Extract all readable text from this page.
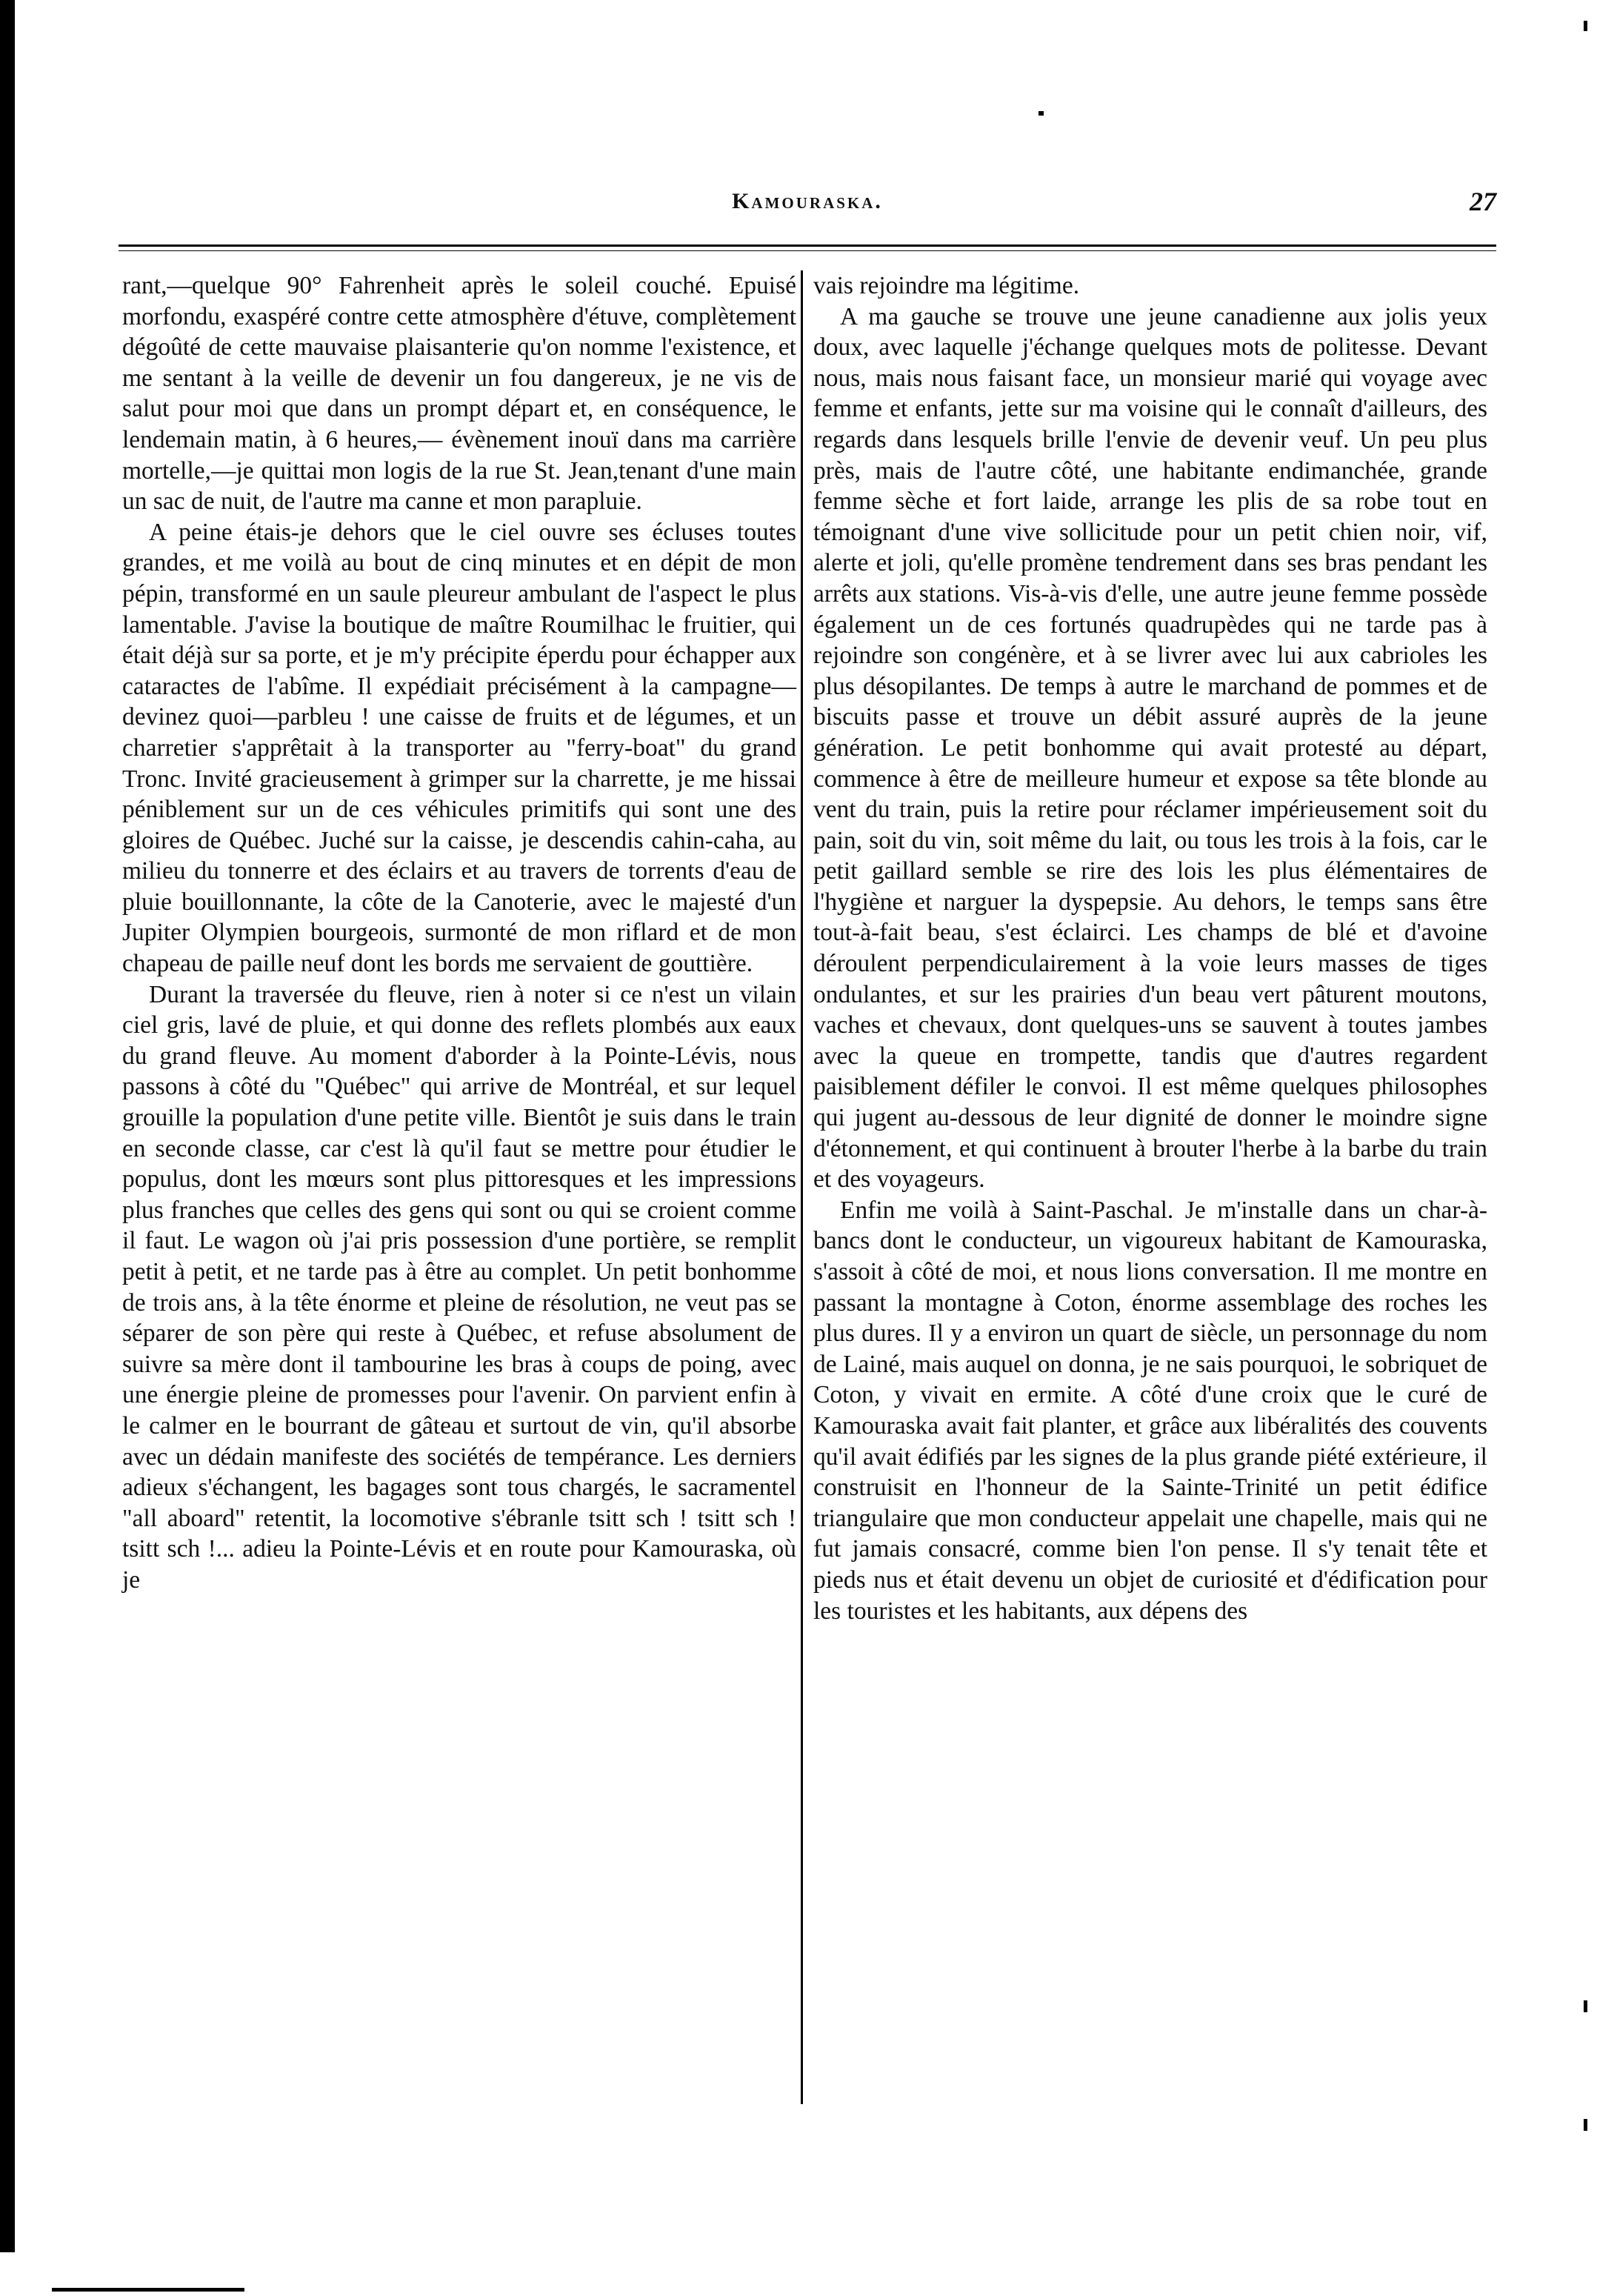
Kamouraska.	27

rant,—quelque 90° Fahrenheit après le soleil couché. Epuisé morfondu, exaspéré contre cette atmosphère d'étuve, complètement dégoûté de cette mauvaise plaisanterie qu'on nomme l'existence, et me sentant à la veille de devenir un fou dangereux, je ne vis de salut pour moi que dans un prompt départ et, en conséquence, le lendemain matin, à 6 heures,— évènement inouï dans ma carrière mortelle,—je quittai mon logis de la rue St. Jean,tenant d'une main un sac de nuit, de l'autre ma canne et mon parapluie.

A peine étais-je dehors que le ciel ouvre ses écluses toutes grandes, et me voilà au bout de cinq minutes et en dépit de mon pépin, transformé en un saule pleureur ambulant de l'aspect le plus lamentable. J'avise la boutique de maître Roumilhac le fruitier, qui était déjà sur sa porte, et je m'y précipite éperdu pour échapper aux cataractes de l'abîme. Il expédiait précisément à la campagne—devinez quoi—parbleu ! une caisse de fruits et de légumes, et un charretier s'apprêtait à la transporter au "ferry-boat" du grand Tronc. Invité gracieusement à grimper sur la charrette, je me hissai péniblement sur un de ces véhicules primitifs qui sont une des gloires de Québec. Juché sur la caisse, je descendis cahin-caha, au milieu du tonnerre et des éclairs et au travers de torrents d'eau de pluie bouillonnante, la côte de la Canoterie, avec le majesté d'un Jupiter Olympien bourgeois, surmonté de mon riflard et de mon chapeau de paille neuf dont les bords me servaient de gouttière.

Durant la traversée du fleuve, rien à noter si ce n'est un vilain ciel gris, lavé de pluie, et qui donne des reflets plombés aux eaux du grand fleuve. Au moment d'aborder à la Pointe-Lévis, nous passons à côté du "Québec" qui arrive de Montréal, et sur lequel grouille la population d'une petite ville. Bientôt je suis dans le train en seconde classe, car c'est là qu'il faut se mettre pour étudier le populus, dont les mœurs sont plus pittoresques et les impressions plus franches que celles des gens qui sont ou qui se croient comme il faut. Le wagon où j'ai pris possession d'une portière, se remplit petit à petit, et ne tarde pas à être au complet. Un petit bonhomme de trois ans, à la tête énorme et pleine de résolution, ne veut pas se séparer de son père qui reste à Québec, et refuse absolument de suivre sa mère dont il tambourine les bras à coups de poing, avec une énergie pleine de promesses pour l'avenir. On parvient enfin à le calmer en le bourrant de gâteau et surtout de vin, qu'il absorbe avec un dédain manifeste des sociétés de tempérance. Les derniers adieux s'échangent, les bagages sont tous chargés, le sacramentel "all aboard" retentit, la locomotive s'ébranle tsitt sch ! tsitt sch ! tsitt sch !... adieu la Pointe-Lévis et en route pour Kamouraska, où je

vais rejoindre ma légitime.

A ma gauche se trouve une jeune canadienne aux jolis yeux doux, avec laquelle j'échange quelques mots de politesse. Devant nous, mais nous faisant face, un monsieur marié qui voyage avec femme et enfants, jette sur ma voisine qui le connaît d'ailleurs, des regards dans lesquels brille l'envie de devenir veuf. Un peu plus près, mais de l'autre côté, une habitante endimanchée, grande femme sèche et fort laide, arrange les plis de sa robe tout en témoignant d'une vive sollicitude pour un petit chien noir, vif, alerte et joli, qu'elle promène tendrement dans ses bras pendant les arrêts aux stations. Vis-à-vis d'elle, une autre jeune femme possède également un de ces fortunés quadrupèdes qui ne tarde pas à rejoindre son congénère, et à se livrer avec lui aux cabrioles les plus désopilantes. De temps à autre le marchand de pommes et de biscuits passe et trouve un débit assuré auprès de la jeune génération. Le petit bonhomme qui avait protesté au départ, commence à être de meilleure humeur et expose sa tête blonde au vent du train, puis la retire pour réclamer impérieusement soit du pain, soit du vin, soit même du lait, ou tous les trois à la fois, car le petit gaillard semble se rire des lois les plus élémentaires de l'hygiène et narguer la dyspepsie. Au dehors, le temps sans être tout-à-fait beau, s'est éclairci. Les champs de blé et d'avoine déroulent perpendiculairement à la voie leurs masses de tiges ondulantes, et sur les prairies d'un beau vert pâturent moutons, vaches et chevaux, dont quelques-uns se sauvent à toutes jambes avec la queue en trompette, tandis que d'autres regardent paisiblement défiler le convoi. Il est même quelques philosophes qui jugent au-dessous de leur dignité de donner le moindre signe d'étonnement, et qui continuent à brouter l'herbe à la barbe du train et des voyageurs.

Enfin me voilà à Saint-Paschal. Je m'installe dans un char-à-bancs dont le conducteur, un vigoureux habitant de Kamouraska, s'assoit à côté de moi, et nous lions conversation. Il me montre en passant la montagne à Coton, énorme assemblage des roches les plus dures. Il y a environ un quart de siècle, un personnage du nom de Lainé, mais auquel on donna, je ne sais pourquoi, le sobriquet de Coton, y vivait en ermite. A côté d'une croix que le curé de Kamouraska avait fait planter, et grâce aux libéralités des couvents qu'il avait édifiés par les signes de la plus grande piété extérieure, il construisit en l'honneur de la Sainte-Trinité un petit édifice triangulaire que mon conducteur appelait une chapelle, mais qui ne fut jamais consacré, comme bien l'on pense. Il s'y tenait tête et pieds nus et était devenu un objet de curiosité et d'édification pour les touristes et les habitants, aux dépens des
